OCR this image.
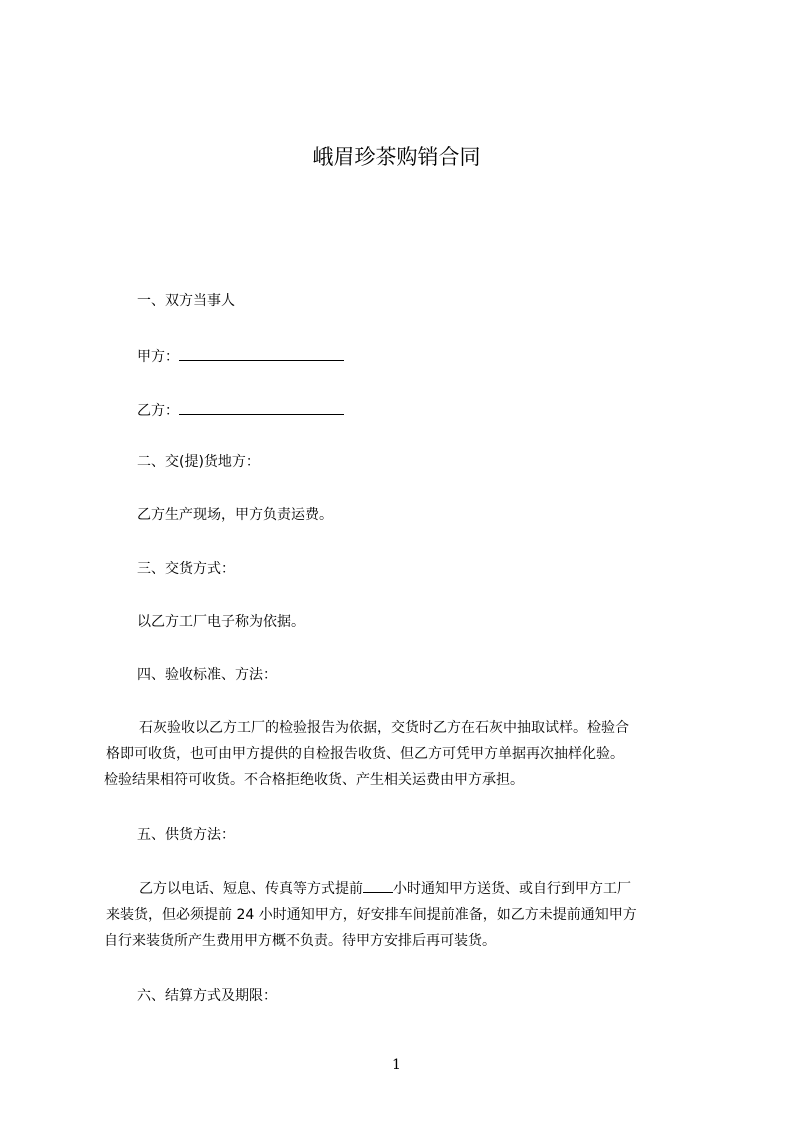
峨眉珍茶购销合同
一、双方当事人
甲方：
乙方：
二、交(提)货地方：
乙方生产现场，甲方负责运费。
三、交货方式：
以乙方工厂电子称为依据。
四、验收标准、方法：
石灰验收以乙方工厂的检验报告为依据，交货时乙方在石灰中抽取试样。检验合
格即可收货，也可由甲方提供的自检报告收货、但乙方可凭甲方单据再次抽样化验。
检验结果相符可收货。不合格拒绝收货、产生相关运费由甲方承担。
五、供货方法：
乙方以电话、短息、传真等方式提前 小时通知甲方送货、或自行到甲方工厂
来装货，但必须提前 24 小时通知甲方，好安排车间提前准备，如乙方未提前通知甲方
自行来装货所产生费用甲方概不负责。待甲方安排后再可装货。
六、结算方式及期限：
1
